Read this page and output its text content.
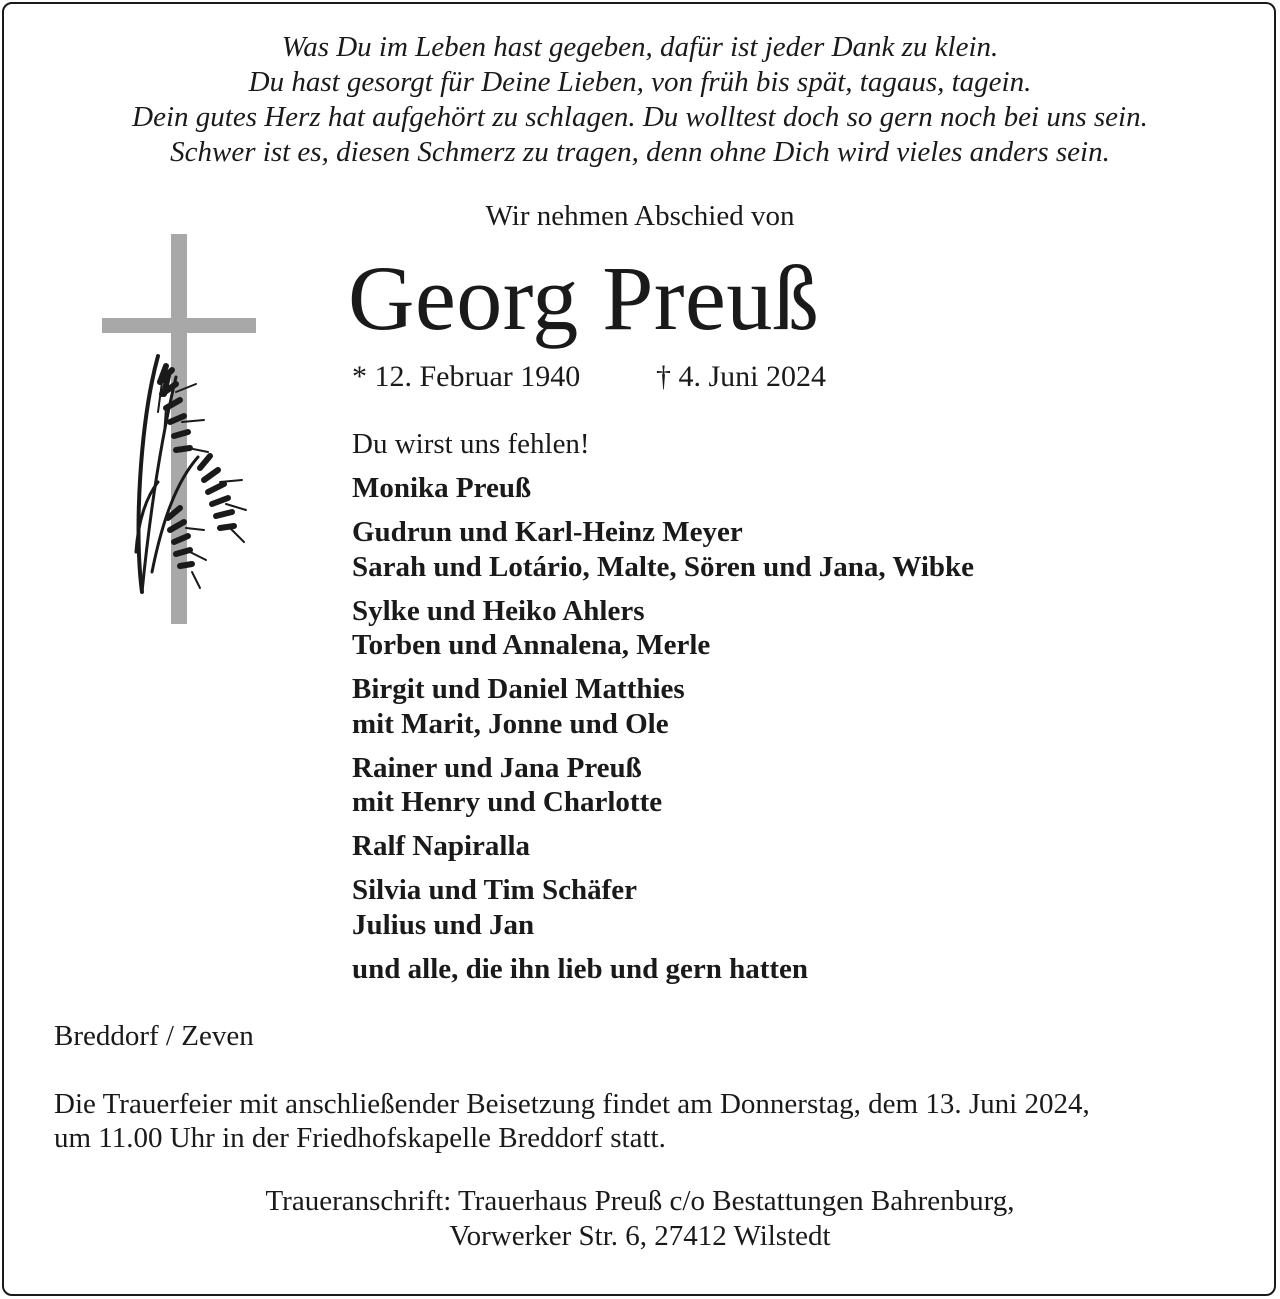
Was Du im Leben hast gegeben, dafür ist jeder Dank zu klein.
Du hast gesorgt für Deine Lieben, von früh bis spät, tagaus, tagein.
Dein gutes Herz hat aufgehört zu schlagen. Du wolltest doch so gern noch bei uns sein.
Schwer ist es, diesen Schmerz zu tragen, denn ohne Dich wird vieles anders sein.
Wir nehmen Abschied von
Georg Preuß
* 12. Februar 1940	† 4. Juni 2024
Du wirst uns fehlen!
Monika Preuß
Gudrun und Karl-Heinz Meyer
Sarah und Lotário, Malte, Sören und Jana, Wibke
Sylke und Heiko Ahlers
Torben und Annalena, Merle
Birgit und Daniel Matthies
mit Marit, Jonne und Ole
Rainer und Jana Preuß
mit Henry und Charlotte
Ralf Napiralla
Silvia und Tim Schäfer
Julius und Jan
und alle, die ihn lieb und gern hatten
Breddorf / Zeven
Die Trauerfeier mit anschließender Beisetzung findet am Donnerstag, dem 13. Juni 2024,
um 11.00 Uhr in der Friedhofskapelle Breddorf statt.
Traueranschrift: Trauerhaus Preuß c/o Bestattungen Bahrenburg,
Vorwerker Str. 6, 27412 Wilstedt
